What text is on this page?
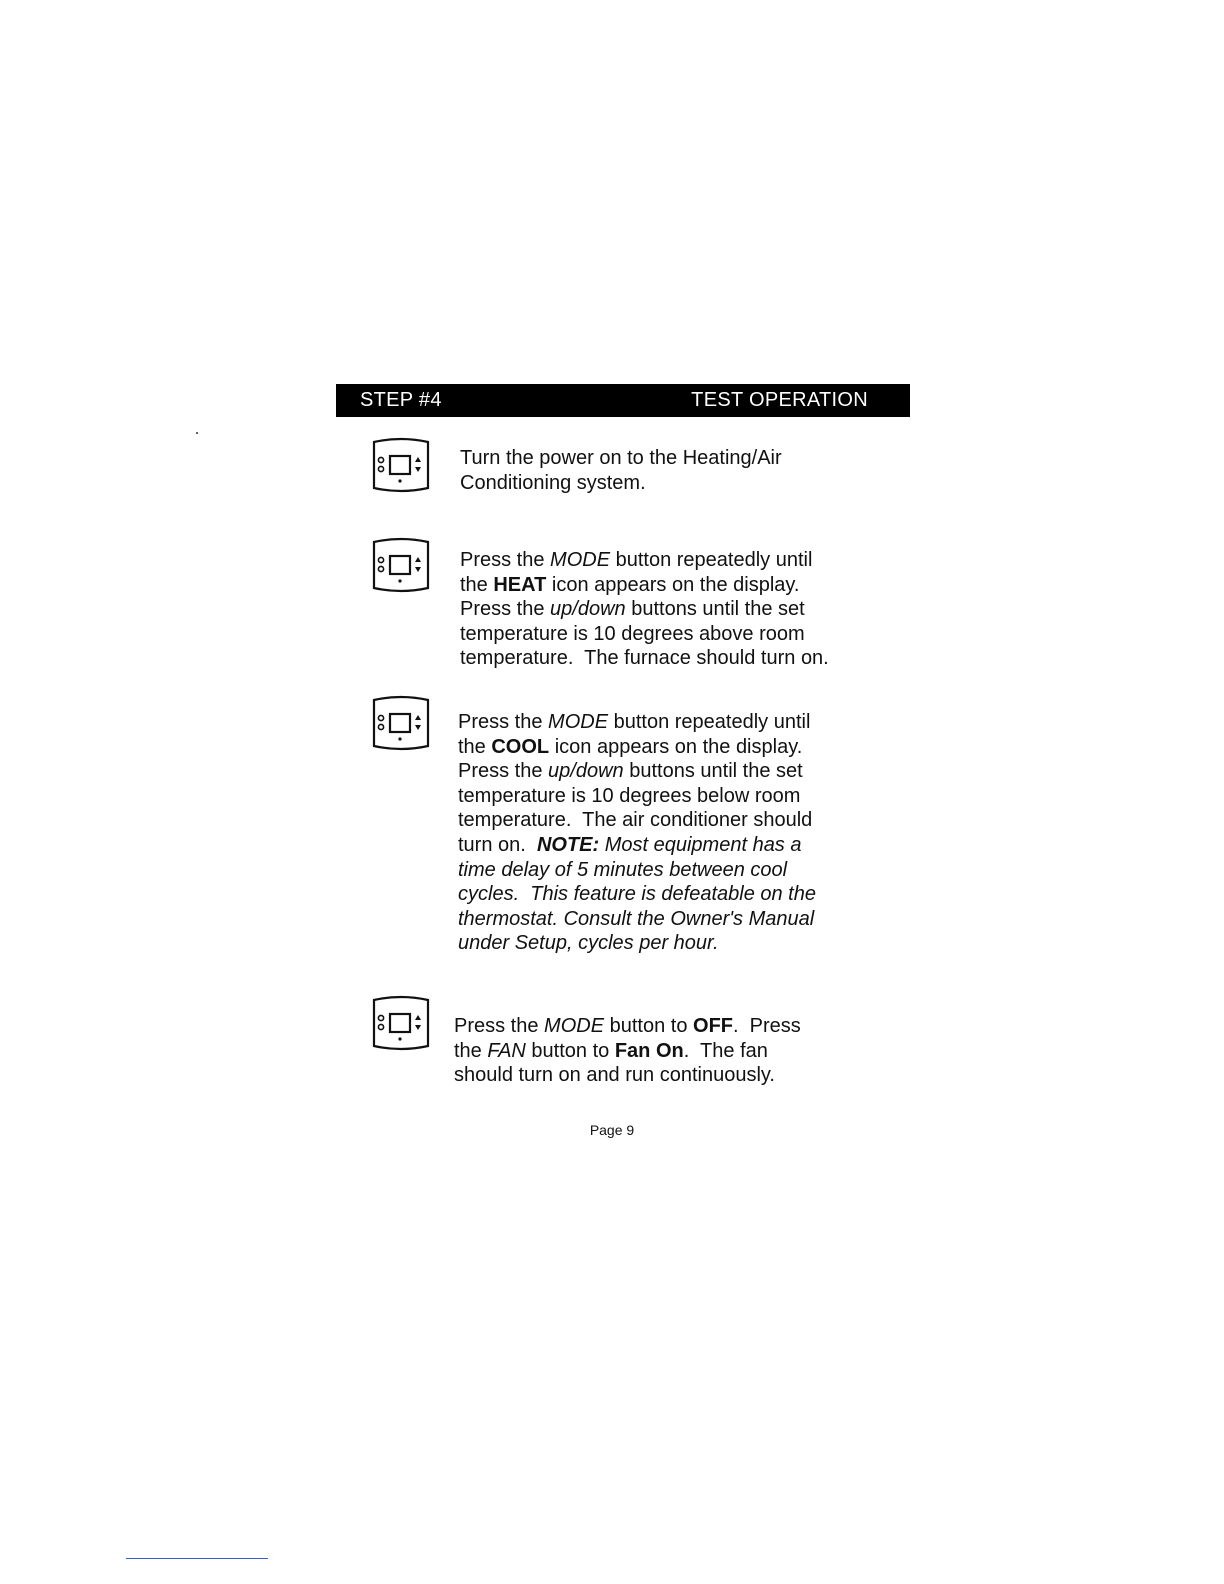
STEP #4	TEST OPERATION
Turn the power on to the Heating/Air
Conditioning system.
Press the MODE button repeatedly until
the HEAT icon appears on the display.
Press the up/down buttons until the set
temperature is 10 degrees above room
temperature.  The furnace should turn on.
Press the MODE button repeatedly until
the COOL icon appears on the display.
Press the up/down buttons until the set
temperature is 10 degrees below room
temperature.  The air conditioner should
turn on.  NOTE: Most equipment has a
time delay of 5 minutes between cool
cycles.  This feature is defeatable on the
thermostat. Consult the Owner's Manual
under Setup, cycles per hour.
Press the MODE button to OFF.  Press
the FAN button to Fan On.  The fan
should turn on and run continuously.
Page 9
